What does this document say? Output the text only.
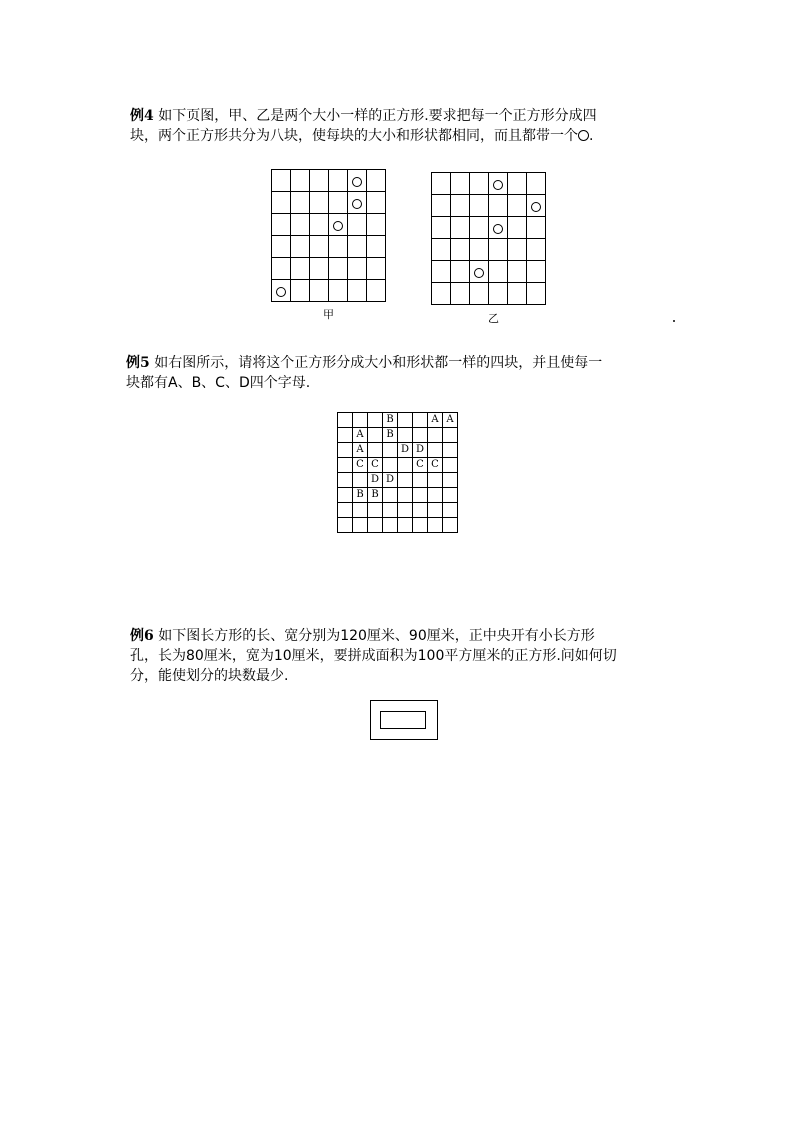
例4 如下页图，甲、乙是两个大小一样的正方形.要求把每一个正方形分成四
块，两个正方形共分为八块，使每块的大小和形状都相同，而且都带一个 .

甲	乙

例5 如右图所示，请将这个正方形分成大小和形状都一样的四块，并且使每一
块都有A、B、C、D四个字母.

			B			A	A
	A		B				
	A			D	D		
	C	C			C	C	
		D	D				
	B	B					

例6 如下图长方形的长、宽分别为120厘米、90厘米，正中央开有小长方形
孔，长为80厘米，宽为10厘米，要拼成面积为100平方厘米的正方形.问如何切
分，能使划分的块数最少.
